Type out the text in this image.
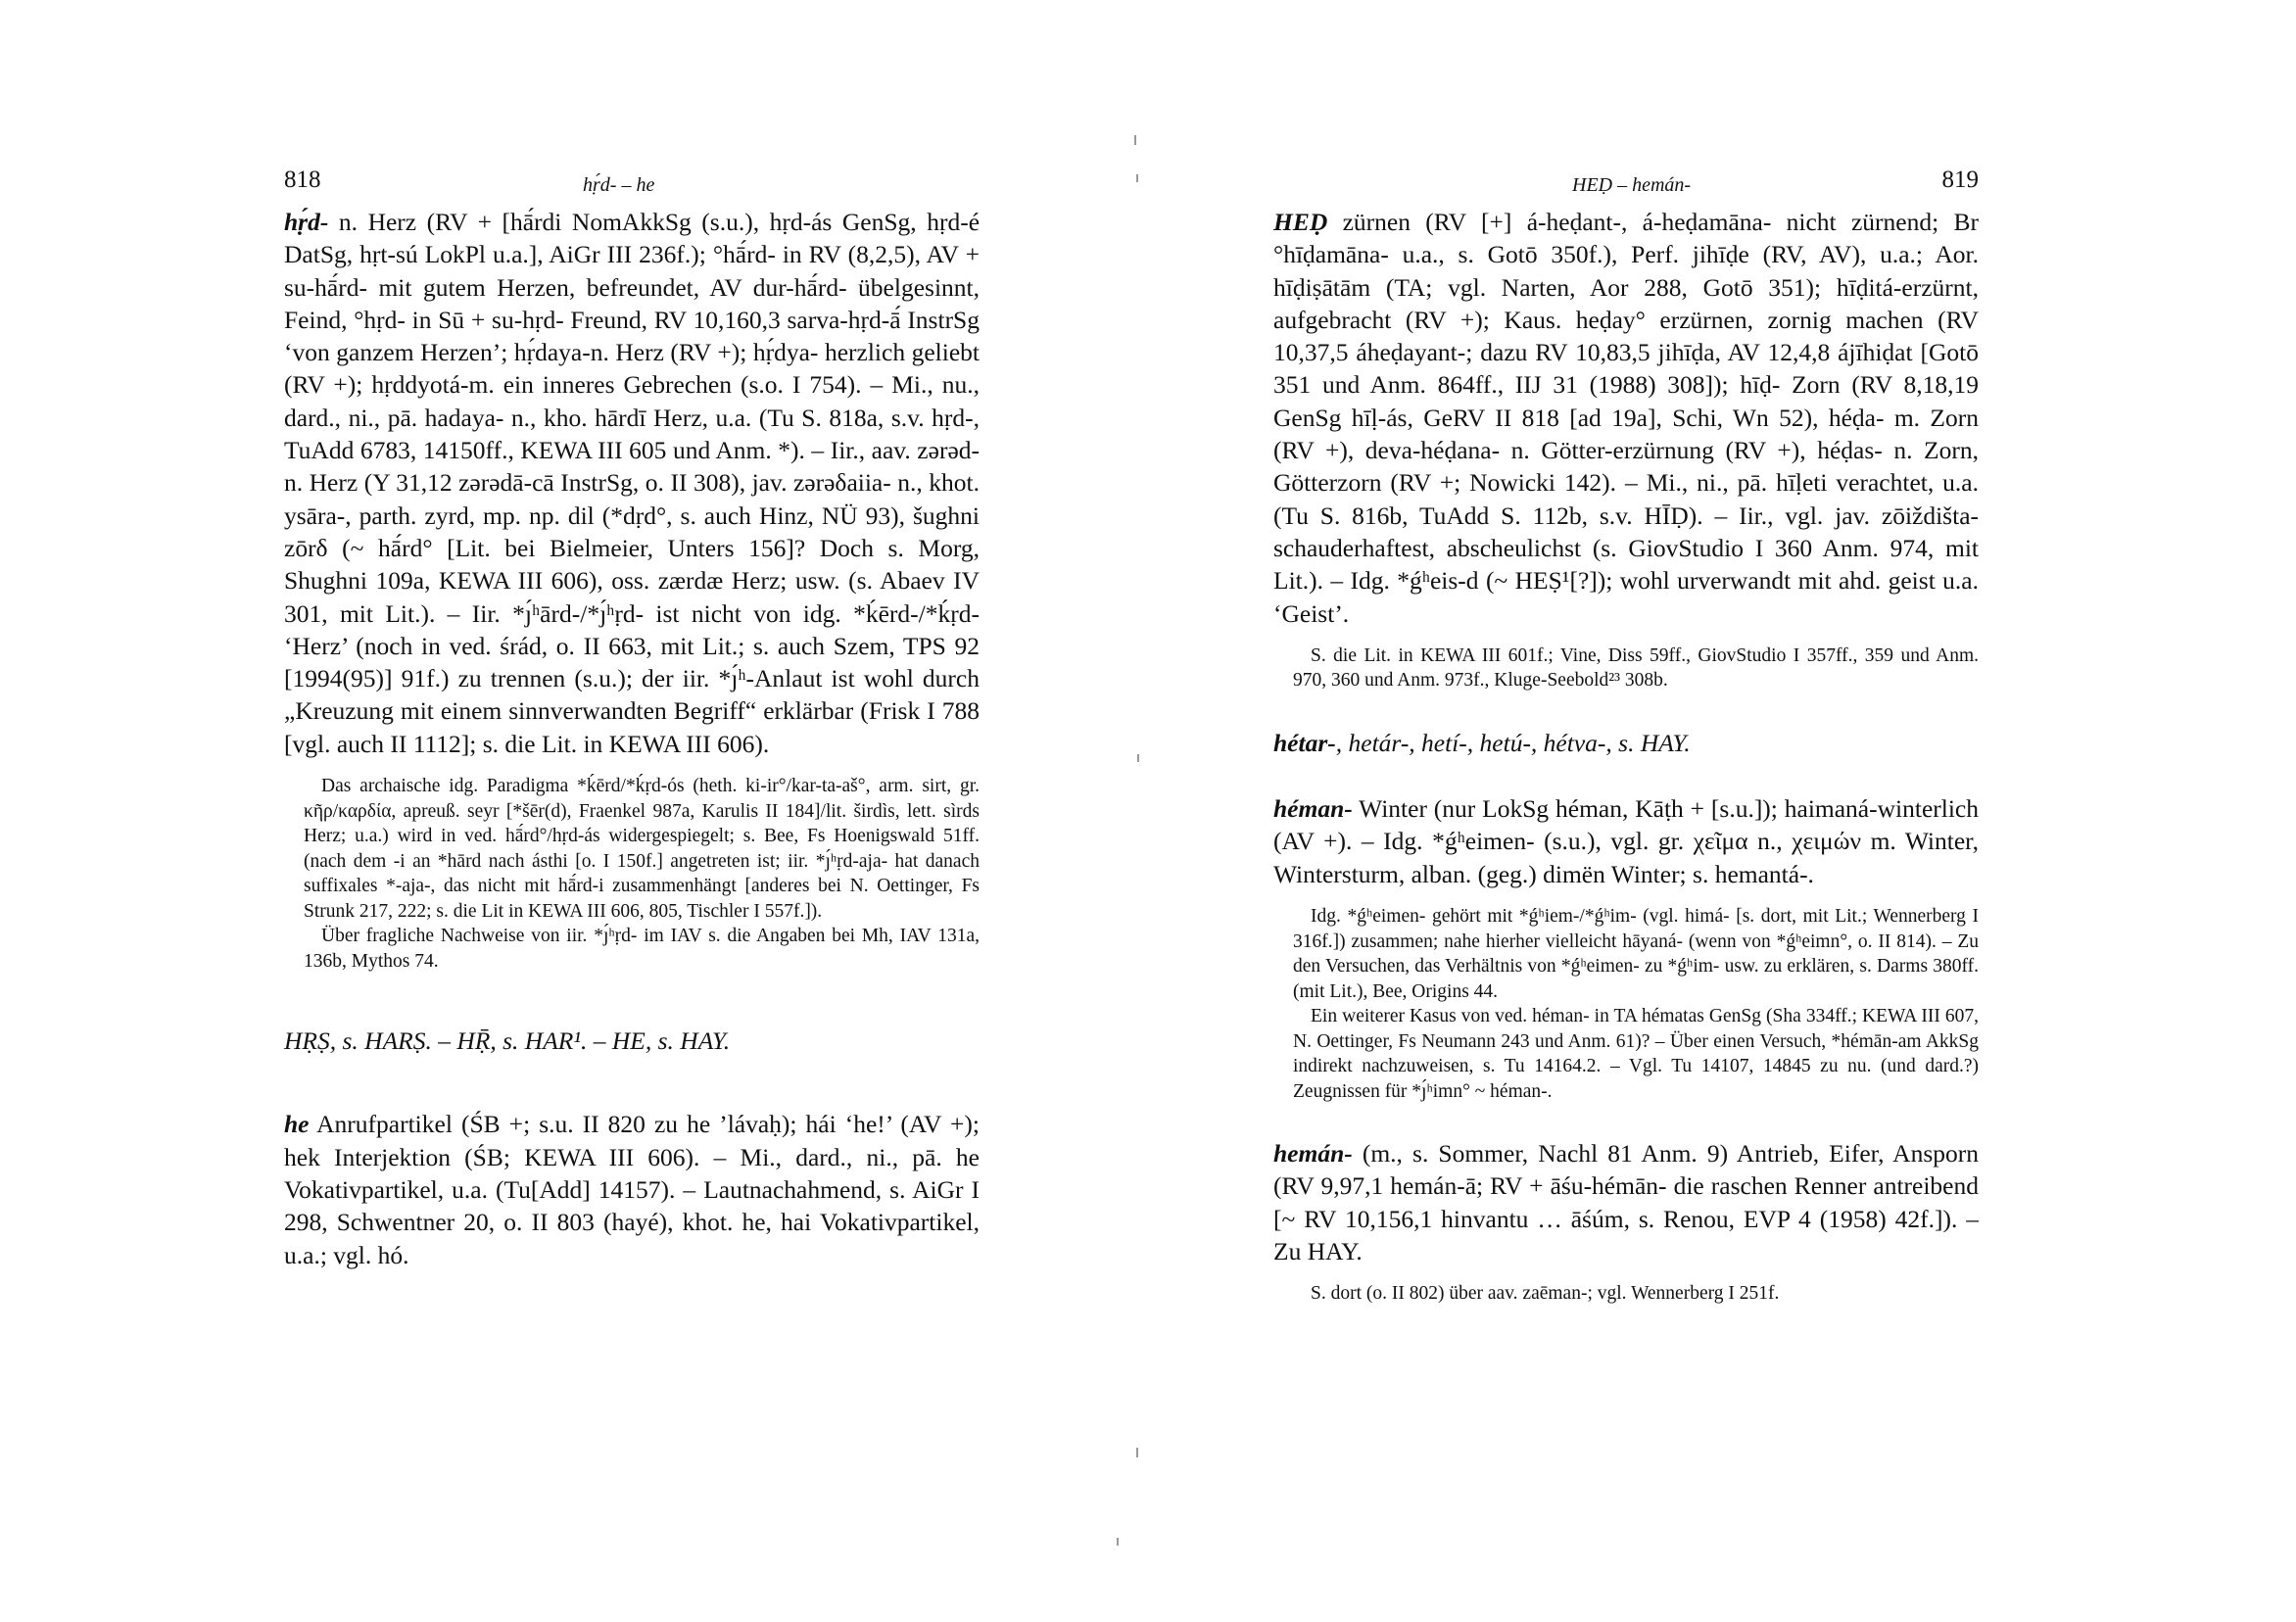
818	hṛ́d- – he

hṛ́d- n. Herz (RV + [hā́rdi NomAkkSg (s.u.), hṛd-ás GenSg, hṛd-é DatSg, hṛt-sú LokPl u.a.], AiGr III 236f.); °hā́rd- in RV (8,2,5), AV + su-hā́rd- mit gutem Herzen, befreundet, AV dur-hā́rd- übelgesinnt, Feind, °hṛd- in Sū + su-hṛd- Freund, RV 10,160,3 sarva-hṛd-ā́ InstrSg ‘von ganzem Herzen’; hṛ́daya-n. Herz (RV +); hṛ́dya- herzlich geliebt (RV +); hṛddyotá-m. ein inneres Gebrechen (s.o. I 754). – Mi., nu., dard., ni., pā. hadaya- n., kho. hārdī Herz, u.a. (Tu S. 818a, s.v. hṛd-, TuAdd 6783, 14150ff., KEWA III 605 und Anm. *). – Iir., aav. zərəd- n. Herz (Y 31,12 zərədā-cā InstrSg, o. II 308), jav. zərəδaiia- n., khot. ysāra-, parth. zyrd, mp. np. dil (*dṛd°, s. auch Hinz, NÜ 93), šughni zōrδ (~ hā́rd° [Lit. bei Bielmeier, Unters 156]? Doch s. Morg, Shughni 109a, KEWA III 606), oss. zærdæ Herz; usw. (s. Abaev IV 301, mit Lit.). – Iir. *ȷ́ʰārd-/*ȷ́ʰṛd- ist nicht von idg. *ḱērd-/*ḱṛd- ‘Herz’ (noch in ved. śrád, o. II 663, mit Lit.; s. auch Szem, TPS 92 [1994(95)] 91f.) zu trennen (s.u.); der iir. *ȷ́ʰ-Anlaut ist wohl durch „Kreuzung mit einem sinnverwandten Begriff“ erklärbar (Frisk I 788 [vgl. auch II 1112]; s. die Lit. in KEWA III 606).

Das archaische idg. Paradigma *ḱērd/*ḱṛd-ós (heth. ki-ir°/kar-ta-aš°, arm. sirt, gr. κῆρ/καρδία, apreuß. seyr [*šēr(d), Fraenkel 987a, Karulis II 184]/lit. širdìs, lett. sìrds Herz; u.a.) wird in ved. hā́rd°/hṛd-ás widergespiegelt; s. Bee, Fs Hoenigswald 51ff. (nach dem -i an *hārd nach ásthi [o. I 150f.] angetreten ist; iir. *ȷ́ʰṛd-aja- hat danach suffixales *-aja-, das nicht mit hā́rd-i zusammenhängt [anderes bei N. Oettinger, Fs Strunk 217, 222; s. die Lit in KEWA III 606, 805, Tischler I 557f.]).

Über fragliche Nachweise von iir. *ȷ́ʰṛd- im IAV s. die Angaben bei Mh, IAV 131a, 136b, Mythos 74.

HṚṢ, s. HARṢ. – HṜ, s. HAR¹. – HE, s. HAY.

he Anrufpartikel (ŚB +; s.u. II 820 zu he ’lávaḥ); hái ‘he!’ (AV +); hek Interjektion (ŚB; KEWA III 606). – Mi., dard., ni., pā. he Vokativpartikel, u.a. (Tu[Add] 14157). – Lautnachahmend, s. AiGr I 298, Schwentner 20, o. II 803 (hayé), khot. he, hai Vokativpartikel, u.a.; vgl. hó.

HEḌ – hemán-	819

HEḌ zürnen (RV [+] á-heḍant-, á-heḍamāna- nicht zürnend; Br °hīḍamāna- u.a., s. Gotō 350f.), Perf. jihīḍe (RV, AV), u.a.; Aor. hīḍiṣātām (TA; vgl. Narten, Aor 288, Gotō 351); hīḍitá-erzürnt, aufgebracht (RV +); Kaus. heḍay° erzürnen, zornig machen (RV 10,37,5 áheḍayant-; dazu RV 10,83,5 jihīḍa, AV 12,4,8 ájīhiḍat [Gotō 351 und Anm. 864ff., IIJ 31 (1988) 308]); hīḍ- Zorn (RV 8,18,19 GenSg hīḷ-ás, GeRV II 818 [ad 19a], Schi, Wn 52), héḍa- m. Zorn (RV +), deva-héḍana- n. Götter-erzürnung (RV +), héḍas- n. Zorn, Götterzorn (RV +; Nowicki 142). – Mi., ni., pā. hīḷeti verachtet, u.a. (Tu S. 816b, TuAdd S. 112b, s.v. HĪḌ). – Iir., vgl. jav. zōiždišta- schauderhaftest, abscheulichst (s. GiovStudio I 360 Anm. 974, mit Lit.). – Idg. *ǵʰeis-d (~ HEṢ¹[?]); wohl urverwandt mit ahd. geist u.a. ‘Geist’.

S. die Lit. in KEWA III 601f.; Vine, Diss 59ff., GiovStudio I 357ff., 359 und Anm. 970, 360 und Anm. 973f., Kluge-Seebold²³ 308b.

hétar-, hetár-, hetí-, hetú-, hétva-, s. HAY.

héman- Winter (nur LokSg héman, Kāṭh + [s.u.]); haimaná-winterlich (AV +). – Idg. *ǵʰeimen- (s.u.), vgl. gr. χεῖμα n., χειμών m. Winter, Wintersturm, alban. (geg.) dimën Winter; s. hemantá-.

Idg. *ǵʰeimen- gehört mit *ǵʰiem-/*ǵʰim- (vgl. himá- [s. dort, mit Lit.; Wennerberg I 316f.]) zusammen; nahe hierher vielleicht hāyaná- (wenn von *ǵʰeimn°, o. II 814). – Zu den Versuchen, das Verhältnis von *ǵʰeimen- zu *ǵʰim- usw. zu erklären, s. Darms 380ff. (mit Lit.), Bee, Origins 44.

Ein weiterer Kasus von ved. héman- in TA hématas GenSg (Sha 334ff.; KEWA III 607, N. Oettinger, Fs Neumann 243 und Anm. 61)? – Über einen Versuch, *hémān-am AkkSg indirekt nachzuweisen, s. Tu 14164.2. – Vgl. Tu 14107, 14845 zu nu. (und dard.?) Zeugnissen für *ȷ́ʰimn° ~ héman-.

hemán- (m., s. Sommer, Nachl 81 Anm. 9) Antrieb, Eifer, Ansporn (RV 9,97,1 hemán-ā; RV + āśu-hémān- die raschen Renner antreibend [~ RV 10,156,1 hinvantu … āśúm, s. Renou, EVP 4 (1958) 42f.]). – Zu HAY.

S. dort (o. II 802) über aav. zaēman-; vgl. Wennerberg I 251f.
